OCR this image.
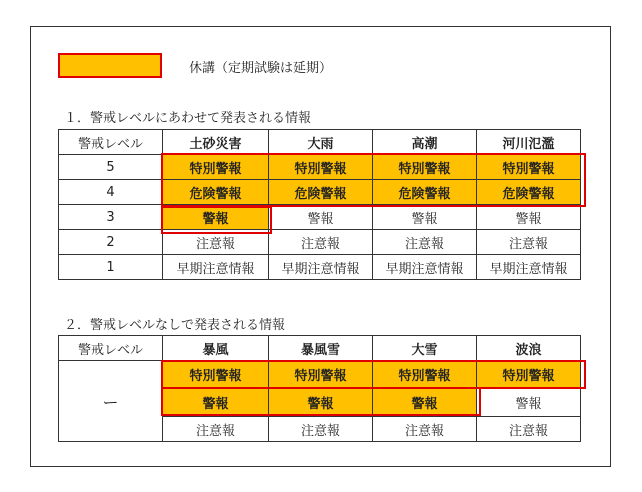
休講（定期試験は延期）
１．警戒レベルにあわせて発表される情報
警戒レベル	土砂災害	大雨	高潮	河川氾濫
5	特別警報	特別警報	特別警報	特別警報
4	危険警報	危険警報	危険警報	危険警報
3	警報	警報	警報	警報
2	注意報	注意報	注意報	注意報
1	早期注意情報	早期注意情報	早期注意情報	早期注意情報
２．警戒レベルなしで発表される情報
警戒レベル	暴風	暴風雪	大雪	波浪
ー	特別警報	特別警報	特別警報	特別警報
	警報	警報	警報	警報
	注意報	注意報	注意報	注意報
